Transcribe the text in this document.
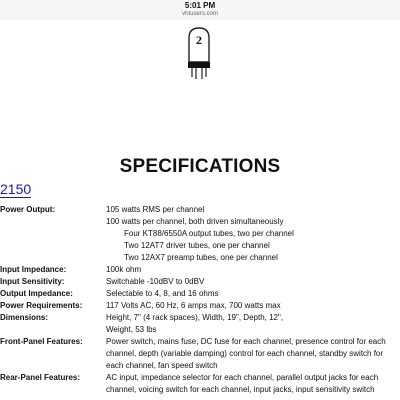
5:01 PM
vhtusers.com
2
SPECIFICATIONS
2150
Power Output:	105 watts RMS per channel
100 watts per channel, both driven simultaneously
Four KT88/6550A output tubes, two per channel
Two 12AT7 driver tubes, one per channel
Two 12AX7 preamp tubes, one per channel
Input Impedance:	100k ohm
Input Sensitivity:	Switchable -10dBV to 0dBV
Output Impedance:	Selectable to 4, 8, and 16 ohms
Power Requirements:	117 Volts AC, 60 Hz, 6 amps max, 700 watts max
Dimensions:	Height, 7" (4 rack spaces), Width, 19", Depth, 12",
Weight, 53 lbs
Front-Panel Features:	Power switch, mains fuse, DC fuse for each channel, presence control for each
channel, depth (variable damping) control for each channel, standby switch for
each channel, fan speed switch
Rear-Panel Features:	AC input, impedance selector for each channel, parallel output jacks for each
channel, voicing switch for each channel, input jacks, input sensitivity switch
